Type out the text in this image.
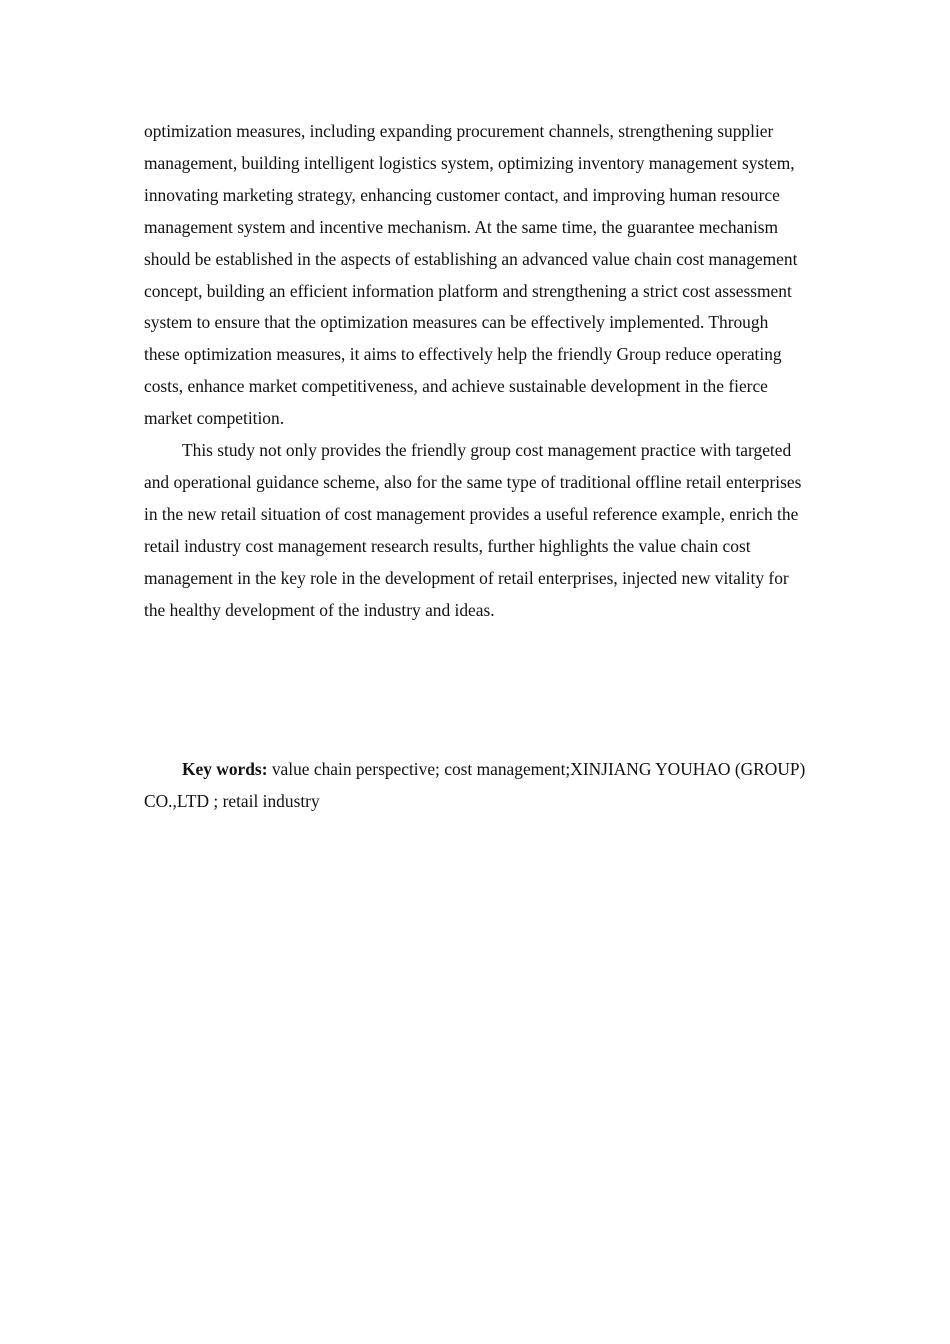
optimization measures, including expanding procurement channels, strengthening supplier management, building intelligent logistics system, optimizing inventory management system, innovating marketing strategy, enhancing customer contact, and improving human resource management system and incentive mechanism. At the same time, the guarantee mechanism should be established in the aspects of establishing an advanced value chain cost management concept, building an efficient information platform and strengthening a strict cost assessment system to ensure that the optimization measures can be effectively implemented. Through these optimization measures, it aims to effectively help the friendly Group reduce operating costs, enhance market competitiveness, and achieve sustainable development in the fierce market competition.

This study not only provides the friendly group cost management practice with targeted and operational guidance scheme, also for the same type of traditional offline retail enterprises in the new retail situation of cost management provides a useful reference example, enrich the retail industry cost management research results, further highlights the value chain cost management in the key role in the development of retail enterprises, injected new vitality for the healthy development of the industry and ideas.

Key words: value chain perspective; cost management;XINJIANG YOUHAO (GROUP) CO.,LTD ; retail industry
